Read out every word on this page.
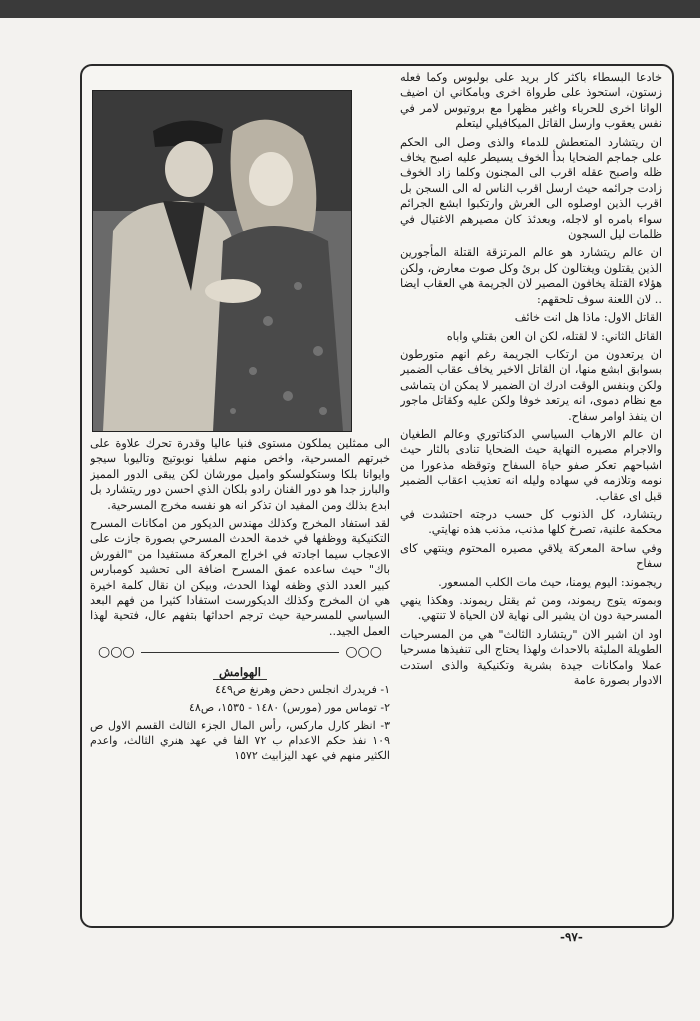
خادعا البسطاء باكثر كار بريد على بولبوس وكما فعله زستون، استحوذ على طرواة اخرى وبامكاني ان اضيف الوانا اخرى للحرباء واغير مظهرا مع بروتيوس لامر في نفس يعقوب وارسل القاتل الميكافيلي ليتعلم

ان ريتشارد المتعطش للدماء والذى وصل الى الحكم على جماجم الضحايا بدأ الخوف يسيطر عليه اصبح يخاف ظله واصبح عقله اقرب الى المجنون وكلما زاد الخوف زادت جرائمه حيث ارسل اقرب الناس له الى السجن بل اقرب الذين اوصلوه الى العرش وارتكبوا ابشع الجرائم سواء بامره او لاجله، وبعدئذ كان مصيرهم الاغتيال في ظلمات ليل السجون

ان عالم ريتشارد هو عالم المرتزقة القتلة المأجورين الذين يقتلون ويغتالون كل برئ وكل صوت معارض، ولكن هؤلاء القتلة يخافون المصير لان الجريمة هي العقاب ايضا .. لان اللعنة سوف تلحقهم:

القاتل الاول: ماذا هل انت خائف

القاتل الثاني: لا لقتله، لكن ان العن بقتلي واباه

ان يرتعدون من ارتكاب الجريمة رغم انهم متورطون بسوابق ابشع منها، ان القاتل الاخير يخاف عقاب الضمير ولكن وبنفس الوقت ادرك ان الضمير لا يمكن ان يتماشى مع نظام دموى، انه يرتعد خوفا ولكن عليه وكقاتل ماجور ان ينفذ اوامر سفاح.

ان عالم الارهاب السياسي الدكتاتوري وعالم الطغيان والاجرام مصيره النهاية حيث الضحايا تنادى بالثار حيث اشباحهم تعكر صفو حياة السفاح وتوقظه مذعورا من نومه وتلازمه في سهاده وليله انه تعذيب اعقاب الضمير قبل اى عقاب.

ريتشارد، كل الذنوب كل حسب درجته احتشدت في محكمة علنية، تصرخ كلها مذنب، مذنب هذه نهايتي.

وفي ساحة المعركة يلاقي مصيره المحتوم وينتهي كاى سفاح

ريجموند: اليوم يومنا، حيث مات الكلب المسعور.

وبموته يتوج ريموند، ومن ثم يقتل ريموند. وهكذا ينهي المسرحية دون ان يشير الى نهاية لان الحياة لا تنتهي.

اود ان اشير الان "ريتشارد الثالث" هي من المسرحيات الطويلة المليئة بالاحداث ولهذا يحتاج الى تنفيذها مسرحيا عملا وامكانات جيدة بشرية وتكنيكية والذى استدت الادوار بصورة عامة

الى ممثلين يملكون مستوى فنيا عاليا وقدرة تحرك علاوة على خبرتهم المسرحية، واخص منهم سلفيا نوبوتيج وتاليوبا سيجو وايوانا بلكا وستكولسكو واميل مورشان لكن يبقى الدور المميز والبارز جدا هو دور الفنان رادو بلكان الذي احسن دور ريتشارد بل ابدع بذلك ومن المفيد ان تذكر انه هو نفسه مخرج المسرحية.

لقد استفاد المخرج وكذلك مهندس الديكور من امكانات المسرح التكنيكية ووظفها في خدمة الحدث المسرحي بصورة جازت على الاعجاب سيما اجادته في اخراج المعركة مستفيدا من "الفورش باك" حيث ساعده عمق المسرح اضافة الى تحشيد كومبارس كبير العدد الذي وظفه لهذا الحدث، وبيكن ان نقال كلمة اخيرة هي ان المخرج وكذلك الديكورست استفادا كثيرا من فهم البعد السياسي للمسرحية حيث ترجم احداثها بتفهم عال، فتحية لهذا العمل الجيد..

○○○	○○○
الهوامش

١- فريدرك انجلس دحض وهرنغ ص٤٤٩

٢- توماس مور (مورس) ١٤٨٠ - ١٥٣٥، ص٤٨

٣- انظر كارل ماركس، رأس المال الجزء الثالث القسم الاول ص ١٠٩ نفذ حكم الاعدام ب ٧٢ الفا في عهد هنري الثالث، واعدم الكثير منهم في عهد اليزابيث ١٥٧٢

-٩٧-
